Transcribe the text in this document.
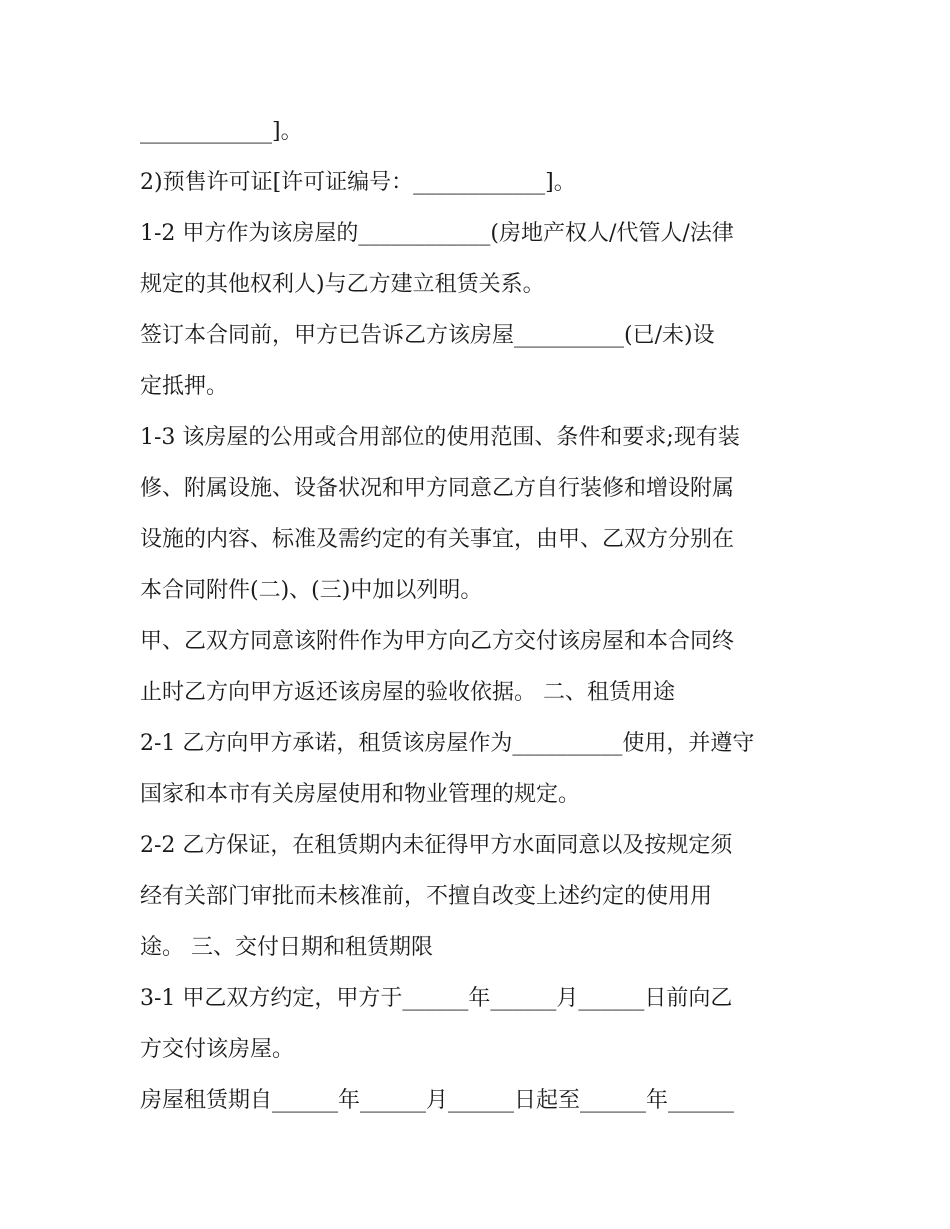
____________]。
2)预售许可证[许可证编号：____________]。
1-2 甲方作为该房屋的____________(房地产权人/代管人/法律
规定的其他权利人)与乙方建立租赁关系。
签订本合同前，甲方已告诉乙方该房屋__________(已/未)设
定抵押。
1-3 该房屋的公用或合用部位的使用范围、条件和要求;现有装
修、附属设施、设备状况和甲方同意乙方自行装修和增设附属
设施的内容、标准及需约定的有关事宜，由甲、乙双方分别在
本合同附件(二)、(三)中加以列明。
甲、乙双方同意该附件作为甲方向乙方交付该房屋和本合同终
止时乙方向甲方返还该房屋的验收依据。 二、租赁用途
2-1 乙方向甲方承诺，租赁该房屋作为__________使用，并遵守
国家和本市有关房屋使用和物业管理的规定。
2-2 乙方保证，在租赁期内未征得甲方水面同意以及按规定须
经有关部门审批而未核准前，不擅自改变上述约定的使用用
途。 三、交付日期和租赁期限
3-1 甲乙双方约定，甲方于______年______月______日前向乙
方交付该房屋。
房屋租赁期自______年______月______日起至______年______
